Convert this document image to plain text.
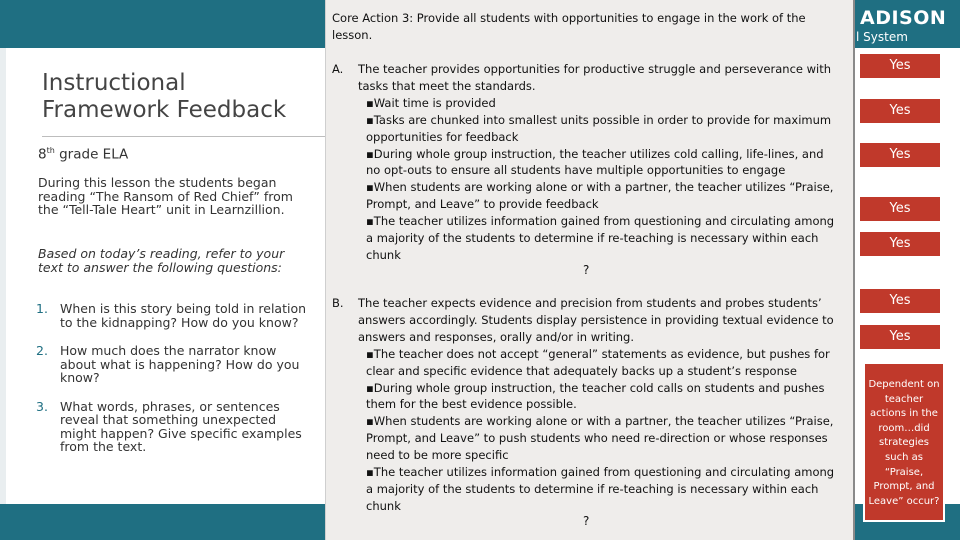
ADISON
l System
Instructional
Framework Feedback
8th grade ELA
During this lesson the students began reading “The Ransom of Red Chief” from the “Tell-Tale Heart” unit in Learnzillion.
Based on today’s reading, refer to your text to answer the following questions:
1. When is this story being told in relation to the kidnapping? How do you know?
2. How much does the narrator know about what is happening? How do you know?
3. What words, phrases, or sentences reveal that something unexpected might happen? Give specific examples from the text.
Core Action 3: Provide all students with opportunities to engage in the work of the lesson.
A. The teacher provides opportunities for productive struggle and perseverance with tasks that meet the standards.
▪Wait time is provided
▪Tasks are chunked into smallest units possible in order to provide for maximum opportunities for feedback
▪During whole group instruction, the teacher utilizes cold calling, life-lines, and no opt-outs to ensure all students have multiple opportunities to engage
▪When students are working alone or with a partner, the teacher utilizes “Praise, Prompt, and Leave” to provide feedback
▪The teacher utilizes information gained from questioning and circulating among a majority of the students to determine if re-teaching is necessary within each chunk
?
B. The teacher expects evidence and precision from students and probes students’ answers accordingly. Students display persistence in providing textual evidence to answers and responses, orally and/or in writing.
▪The teacher does not accept “general” statements as evidence, but pushes for clear and specific evidence that adequately backs up a student’s response
▪During whole group instruction, the teacher cold calls on students and pushes them for the best evidence possible.
▪When students are working alone or with a partner, the teacher utilizes “Praise, Prompt, and Leave” to push students who need re-direction or whose responses need to be more specific
▪The teacher utilizes information gained from questioning and circulating among a majority of the students to determine if re-teaching is necessary within each chunk
?
Yes
Yes
Yes
Yes
Yes
Yes
Yes
Dependent on teacher actions in the room…did strategies such as “Praise, Prompt, and Leave” occur?
